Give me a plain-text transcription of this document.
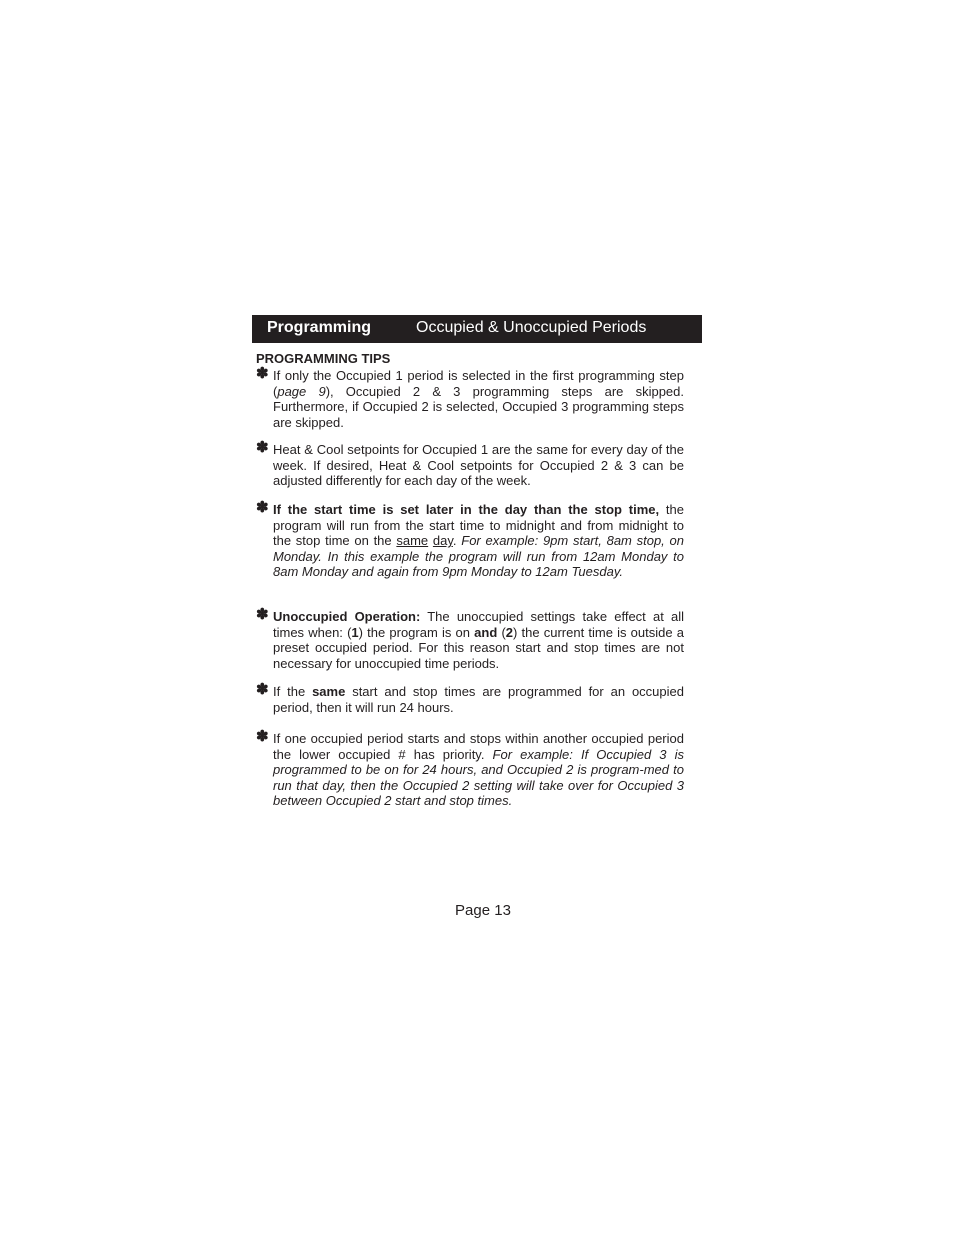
Programming	Occupied & Unoccupied Periods
PROGRAMMING TIPS
✽ If only the Occupied 1 period is selected in the first programming step (page 9), Occupied 2 & 3 programming steps are skipped. Furthermore, if Occupied 2 is selected, Occupied 3 programming steps are skipped.
✽ Heat & Cool setpoints for Occupied 1 are the same for every day of the week. If desired, Heat & Cool setpoints for Occupied 2 & 3 can be adjusted differently for each day of the week.
✽ If the start time is set later in the day than the stop time, the program will run from the start time to midnight and from midnight to the stop time on the same day. For example: 9pm start, 8am stop, on Monday. In this example the program will run from 12am Monday to 8am Monday and again from 9pm Monday to 12am Tuesday.
✽ Unoccupied Operation: The unoccupied settings take effect at all times when: (1) the program is on and (2) the current time is outside a preset occupied period. For this reason start and stop times are not necessary for unoccupied time periods.
✽ If the same start and stop times are programmed for an occupied period, then it will run 24 hours.
✽ If one occupied period starts and stops within another occupied period the lower occupied # has priority. For example: If Occupied 3 is programmed to be on for 24 hours, and Occupied 2 is program-med to run that day, then the Occupied 2 setting will take over for Occupied 3 between Occupied 2 start and stop times.
Page 13
